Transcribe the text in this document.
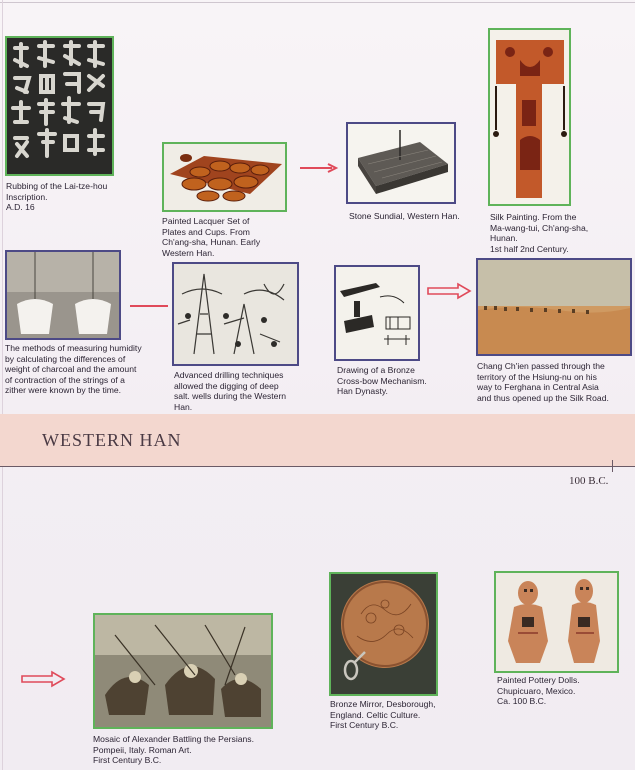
Rubbing of the Lai-tze-hou
Inscription.
A.D. 16
Painted Lacquer Set of
Plates and Cups. From
Ch'ang-sha, Hunan. Early
Western Han.
Stone Sundial, Western Han.	Silk Painting. From the
Ma-wang-tui, Ch'ang-sha,
Hunan.
1st half 2nd Century.
The methods of measuring humidity
by calculating the differences of
weight of charcoal and the amount
of contraction of the strings of a
zither were known by the time.
Advanced drilling techniques
allowed the digging of deep
salt. wells during the Western
Han.
Drawing of a Bronze
Cross-bow Mechanism.
Han Dynasty.
Chang Ch'ien passed through the
territory of the Hsiung-nu on his
way to Ferghana in Central Asia
and thus opened up the Silk Road.
WESTERN HAN
100 B.C.
Mosaic of Alexander Battling the Persians.
Pompeii, Italy. Roman Art.
First Century B.C.
Bronze Mirror, Desborough,
England. Celtic Culture.
First Century B.C.
Painted Pottery Dolls.
Chupicuaro, Mexico.
Ca. 100 B.C.
